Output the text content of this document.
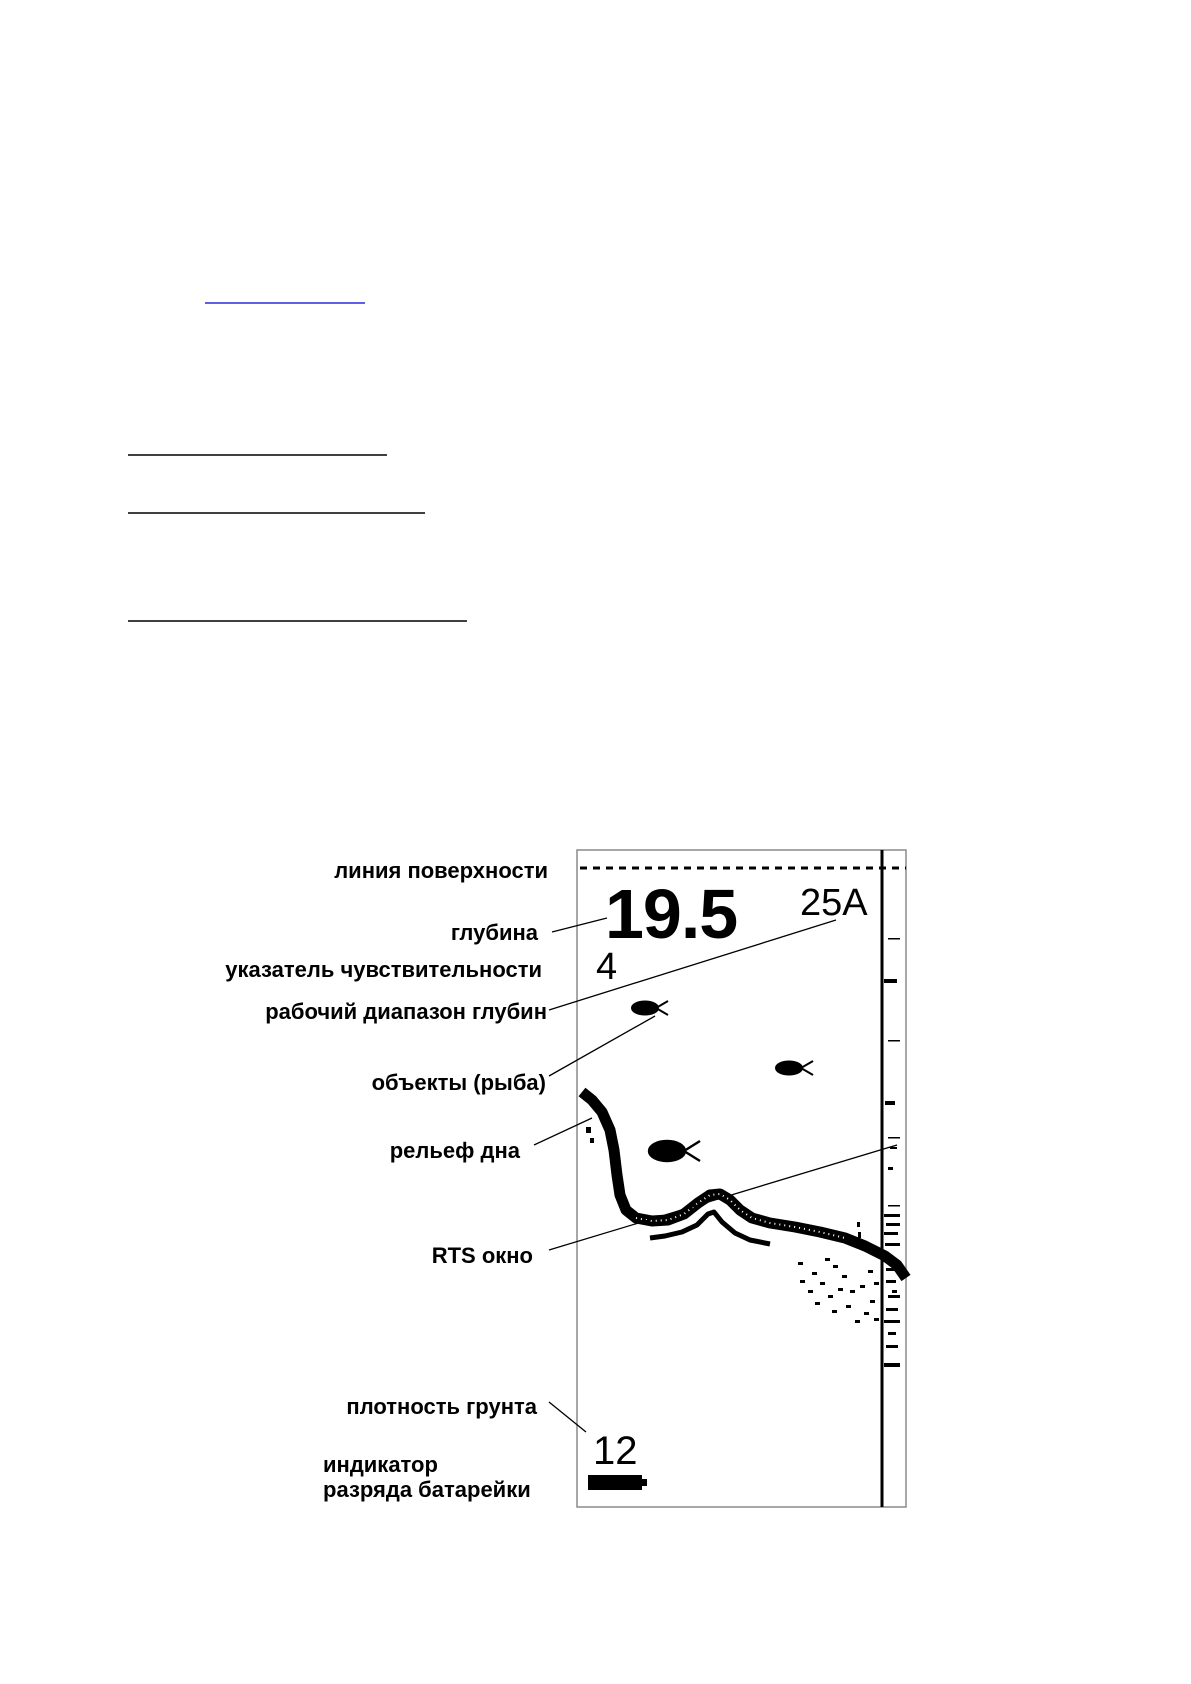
линия поверхности
глубина
указатель чувствительности
рабочий диапазон глубин
объекты (рыба)
рельеф дна
RTS окно
плотность грунта
индикатор
разряда батарейки
19.5 25A
4
12
